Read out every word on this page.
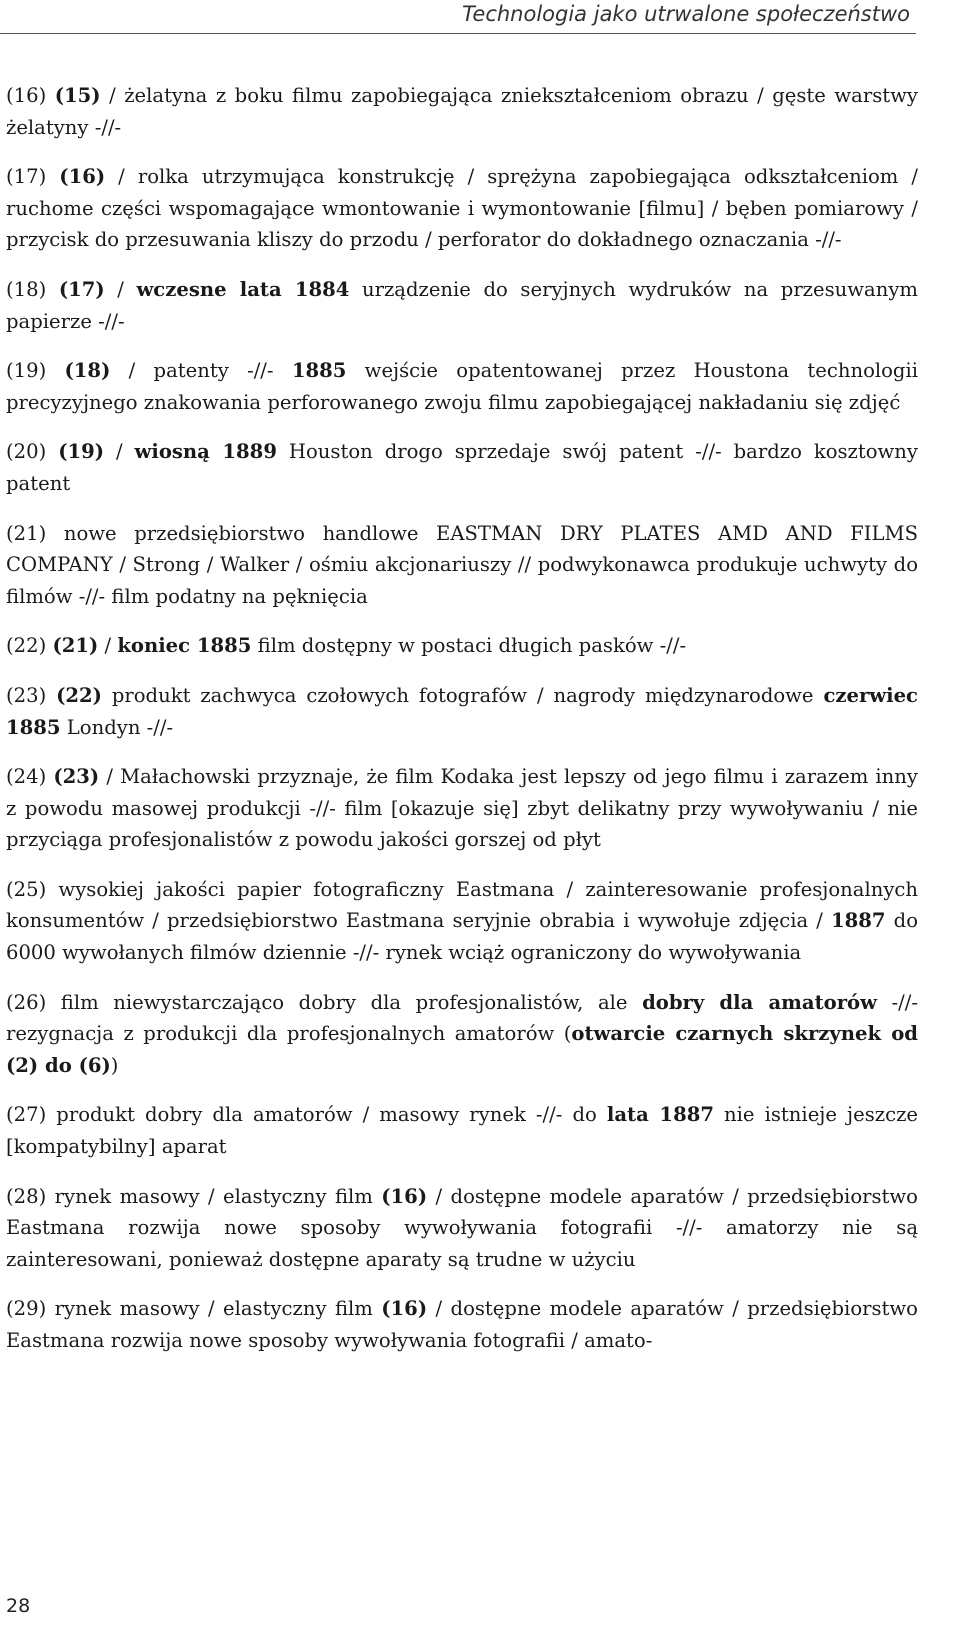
Technologia jako utrwalone społeczeństwo

(16) (15) / żelatyna z boku filmu zapobiegająca zniekształceniom obrazu / gęste warstwy żelatyny -//-

(17) (16) / rolka utrzymująca konstrukcję / sprężyna zapobiegająca odkształceniom / ruchome części wspomagające wmontowanie i wymontowanie [filmu] / bęben pomiarowy / przycisk do przesuwania kliszy do przodu / perforator do dokładnego oznaczania -//-

(18) (17) / wczesne lata 1884 urządzenie do seryjnych wydruków na przesuwanym papierze -//-

(19) (18) / patenty -//- 1885 wejście opatentowanej przez Houstona technologii precyzyjnego znakowania perforowanego zwoju filmu zapobiegającej nakładaniu się zdjęć

(20) (19) / wiosną 1889 Houston drogo sprzedaje swój patent -//- bardzo kosztowny patent

(21) nowe przedsiębiorstwo handlowe EASTMAN DRY PLATES AMD AND FILMS COMPANY / Strong / Walker / ośmiu akcjonariuszy // podwykonawca produkuje uchwyty do filmów -//- film podatny na pęknięcia

(22) (21) / koniec 1885 film dostępny w postaci długich pasków -//-

(23) (22) produkt zachwyca czołowych fotografów / nagrody międzynarodowe czerwiec 1885 Londyn -//-

(24) (23) / Małachowski przyznaje, że film Kodaka jest lepszy od jego filmu i zarazem inny z powodu masowej produkcji -//- film [okazuje się] zbyt delikatny przy wywoływaniu / nie przyciąga profesjonalistów z powodu jakości gorszej od płyt

(25) wysokiej jakości papier fotograficzny Eastmana / zainteresowanie profesjonalnych konsumentów / przedsiębiorstwo Eastmana seryjnie obrabia i wywołuje zdjęcia / 1887 do 6000 wywołanych filmów dziennie -//- rynek wciąż ograniczony do wywoływania

(26) film niewystarczająco dobry dla profesjonalistów, ale dobry dla amatorów -//- rezygnacja z produkcji dla profesjonalnych amatorów (otwarcie czarnych skrzynek od (2) do (6))

(27) produkt dobry dla amatorów / masowy rynek -//- do lata 1887 nie istnieje jeszcze [kompatybilny] aparat

(28) rynek masowy / elastyczny film (16) / dostępne modele aparatów / przedsiębiorstwo Eastmana rozwija nowe sposoby wywoływania fotografii -//- amatorzy nie są zainteresowani, ponieważ dostępne aparaty są trudne w użyciu

(29) rynek masowy / elastyczny film (16) / dostępne modele aparatów / przedsiębiorstwo Eastmana rozwija nowe sposoby wywoływania fotografii / amato-

28
